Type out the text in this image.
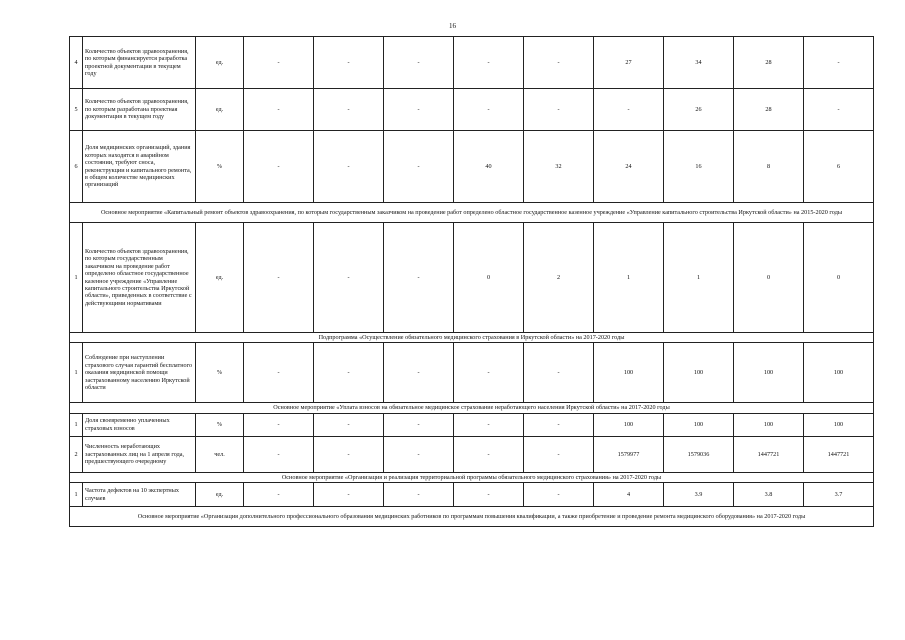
16
4	Количество объектов здравоохранения, по которым финансируется разработка проектной документации в текущем году	ед.	-	-	-	-	-	27	34	28	-
5	Количество объектов здравоохранения, по которым разработана проектная документация в текущем году	ед.	-	-	-	-	-	-	26	28	-
6	Доля медицинских организаций, здания которых находятся в аварийном состоянии, требуют сноса, реконструкции и капитального ремонта, в общем количестве медицинских организаций	%	-	-	-	40	32	24	16	8	6
Основное мероприятие «Капитальный ремонт объектов здравоохранения, по которым государственным заказчиком на проведение работ определено областное государственное казенное учреждение «Управление капитального строительства Иркутской области» на 2015-2020 годы											
1	Количество объектов здравоохранения, по которым государственным заказчиком на проведение работ определено областное государственное казенное учреждение «Управление капитального строительства Иркутской области», приведенных в соответствие с действующими нормативами	ед.	-	-	-	0	2	1	1	0	0
Подпрограмма «Осуществление обязательного медицинского страхования в Иркутской области» на 2017-2020 годы											
1	Соблюдение при наступлении страхового случая гарантий бесплатного оказания медицинской помощи застрахованному населению Иркутской области	%	-	-	-	-	-	100	100	100	100
Основное мероприятие «Уплата взносов на обязательное медицинское страхование неработающего населения Иркутской области» на 2017-2020 годы											
1	Доля своевременно уплаченных страховых взносов	%	-	-	-	-	-	100	100	100	100
2	Численность неработающих застрахованных лиц на 1 апреля года, предшествующего очередному	чел.	-	-	-	-	-	1579977	1579036	1447721	1447721
Основное мероприятие «Организация и реализация территориальной программы обязательного медицинского страхования» на 2017-2020 годы											
1	Частота дефектов на 10 экспертных случаев	ед.	-	-	-	-	-	4	3.9	3.8	3.7
Основное мероприятие «Организация дополнительного профессионального образования медицинских работников по программам повышения квалификации, а также приобретение и проведение ремонта медицинского оборудования» на 2017-2020 годы											
